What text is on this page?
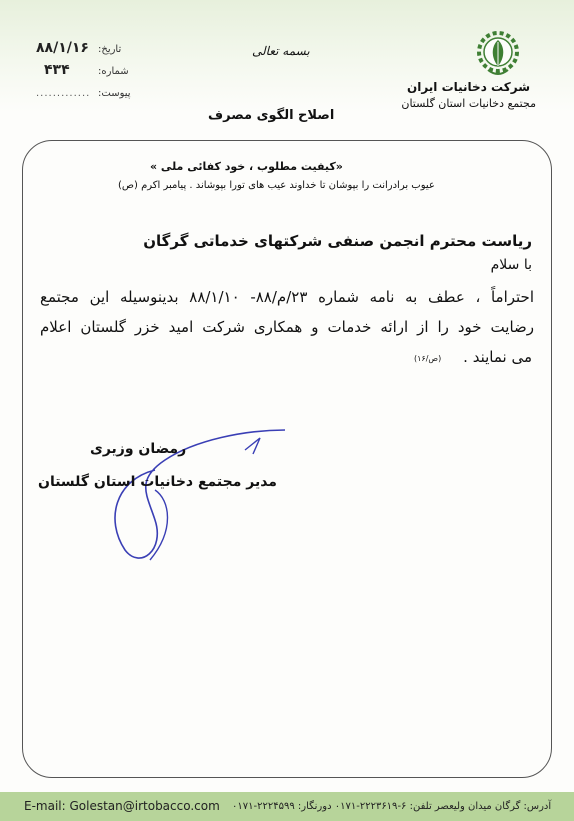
شرکت دخانیات ایران
مجتمع دخانیات استان گلستان
بسمه تعالی
۸۸/۱/۱۶ تاریخ:
۴۳۴	شماره:
............. پیوست:
اصلاح الگوی مصرف
«کیفیت مطلوب ، خود کفائی ملی »
عیوب برادرانت را بپوشان تا خداوند عیب های تورا بپوشاند . پیامبر اکرم (ص)
ریاست محترم انجمن صنفی شرکتهای خدماتی گرگان
با سلام
احتراماً ، عطف به نامه شماره ۲۳/م/۸۸- ۸۸/۱/۱۰ بدینوسیله این مجتمع
رضایت خود را از ارائه خدمات و همکاری شرکت امید خزر گلستان اعلام
می نمایند .
(ص/۱۶)
رمضان وزیری
مدیر مجتمع دخانیات استان گلستان
E-mail: Golestan@irtobacco.com آدرس: گرگان میدان ولیعصر تلفن: ۶-۲۲۲۳۶۱۹-۰۱۷۱ دورنگار: ۲۲۲۴۵۹۹-۰۱۷۱
